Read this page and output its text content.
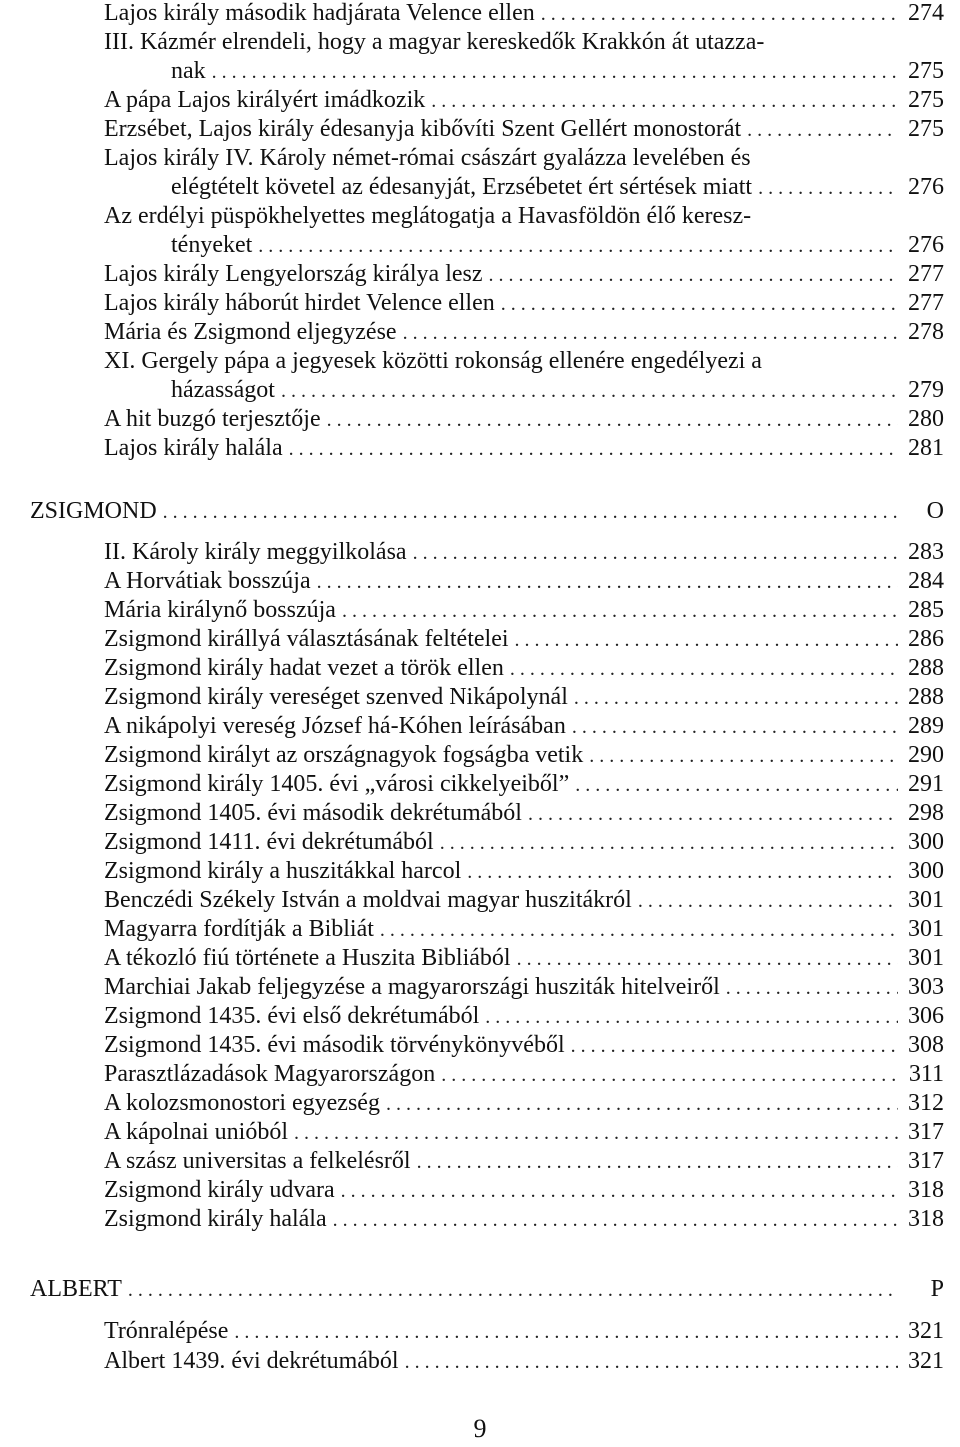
Lajos király második hadjárata Velence ellen . . .	274
III. Kázmér elrendeli, hogy a magyar kereskedők Krakkón át utazza-
nak . . .	275
A pápa Lajos királyért imádkozik . . .	275
Erzsébet, Lajos király édesanyja kibővíti Szent Gellért monostorát . . .	275
Lajos király IV. Károly német-római császárt gyalázza levelében és
elégtételt követel az édesanyját, Erzsébetet ért sértések miatt . . .	276
Az erdélyi püspökhelyettes meglátogatja a Havasföldön élő keresz-
tényeket . . .	276
Lajos király Lengyelország királya lesz . . .	277
Lajos király háborút hirdet Velence ellen . . .	277
Mária és Zsigmond eljegyzése . . .	278
XI. Gergely pápa a jegyesek közötti rokonság ellenére engedélyezi a
házasságot . . .	279
A hit buzgó terjesztője . . .	280
Lajos király halála . . .	281
ZSIGMOND . . .	O
II. Károly király meggyilkolása . . .	283
A Horvátiak bosszúja . . .	284
Mária királynő bosszúja . . .	285
Zsigmond királlyá választásának feltételei . . .	286
Zsigmond király hadat vezet a török ellen . . .	288
Zsigmond király vereséget szenved Nikápolynál . . .	288
A nikápolyi vereség József há-Kóhen leírásában . . .	289
Zsigmond királyt az országnagyok fogságba vetik . . .	290
Zsigmond király 1405. évi „városi cikkelyeiből” . . .	291
Zsigmond 1405. évi második dekrétumából . . .	298
Zsigmond 1411. évi dekrétumából . . .	300
Zsigmond király a huszitákkal harcol . . .	300
Benczédi Székely István a moldvai magyar huszitákról . . .	301
Magyarra fordítják a Bibliát . . .	301
A tékozló fiú története a Huszita Bibliából . . .	301
Marchiai Jakab feljegyzése a magyarországi husziták hitelveiről . . .	303
Zsigmond 1435. évi első dekrétumából . . .	306
Zsigmond 1435. évi második törvénykönyvéből . . .	308
Parasztlázadások Magyarországon . . .	311
A kolozsmonostori egyezség . . .	312
A kápolnai unióból . . .	317
A szász universitas a felkelésről . . .	317
Zsigmond király udvara . . .	318
Zsigmond király halála . . .	318
ALBERT . . .	P
Trónralépése . . .	321
Albert 1439. évi dekrétumából . . .	321
9
